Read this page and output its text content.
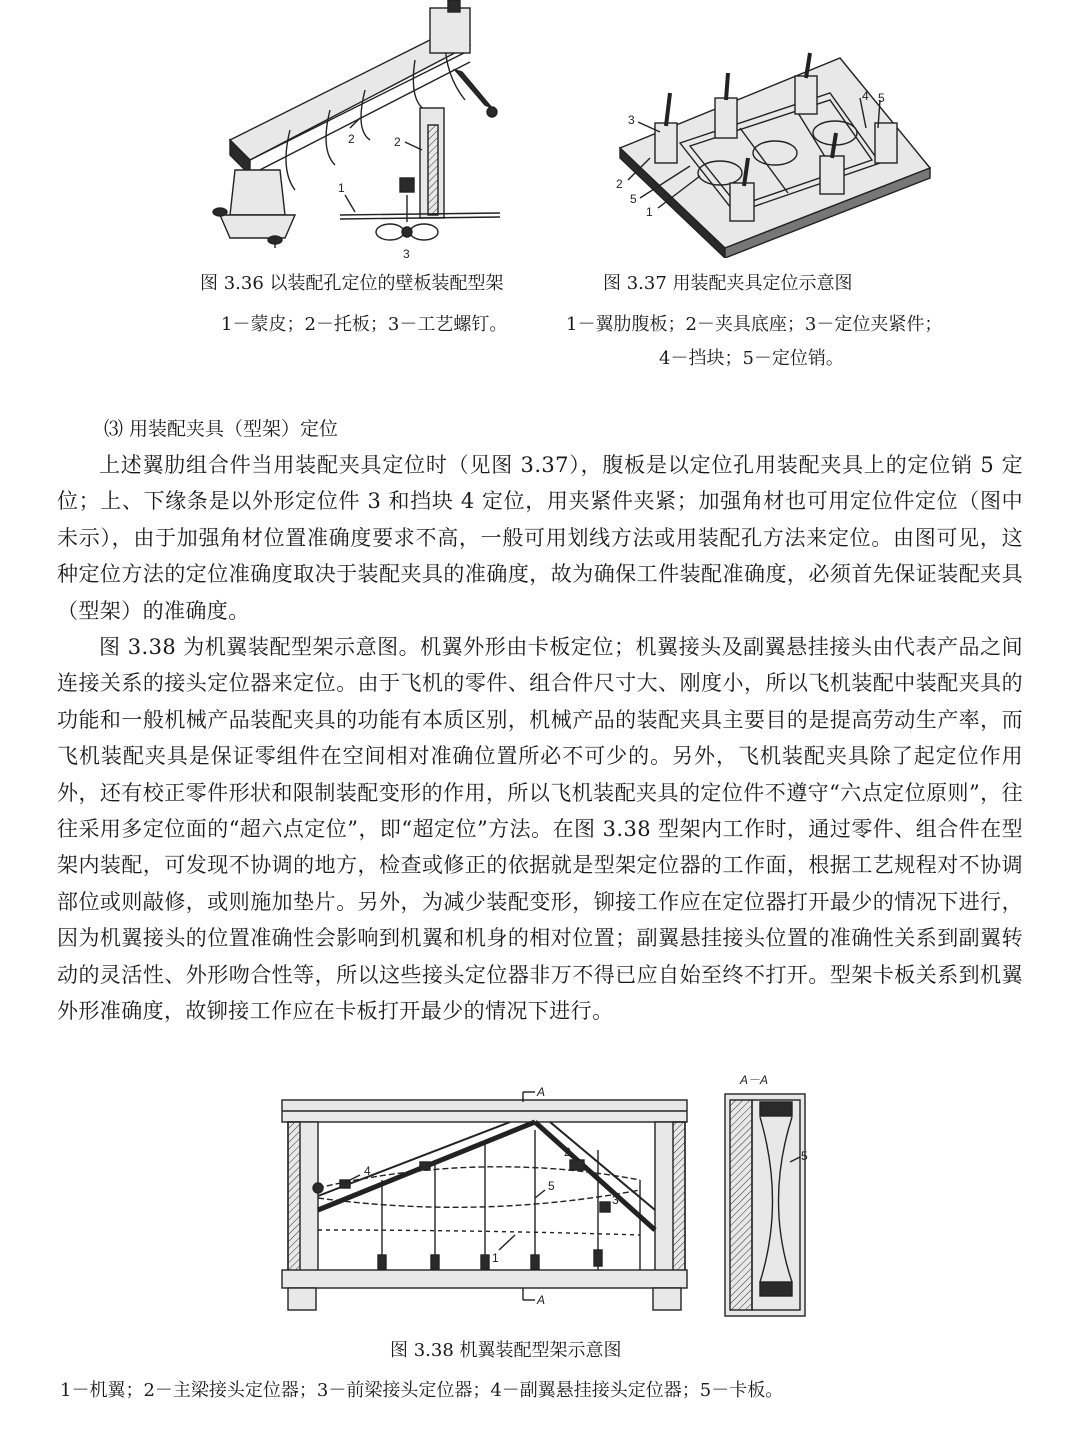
2	2
1
3
图 3.36 以装配孔定位的壁板装配型架
1－蒙皮；2－托板；3－工艺螺钉。
3
2
5
1
4 5
图 3.37 用装配夹具定位示意图
1－翼肋腹板；2－夹具底座；3－定位夹紧件；
4－挡块；5－定位销。
⑶ 用装配夹具（型架）定位

上述翼肋组合件当用装配夹具定位时（见图 3.37），腹板是以定位孔用装配夹具上的定位销 5 定位；上、下缘条是以外形定位件 3 和挡块 4 定位，用夹紧件夹紧；加强角材也可用定位件定位（图中未示），由于加强角材位置准确度要求不高，一般可用划线方法或用装配孔方法来定位。由图可见，这种定位方法的定位准确度取决于装配夹具的准确度，故为确保工件装配准确度，必须首先保证装配夹具（型架）的准确度。

图 3.38 为机翼装配型架示意图。机翼外形由卡板定位；机翼接头及副翼悬挂接头由代表产品之间连接关系的接头定位器来定位。由于飞机的零件、组合件尺寸大、刚度小，所以飞机装配中装配夹具的功能和一般机械产品装配夹具的功能有本质区别，机械产品的装配夹具主要目的是提高劳动生产率，而飞机装配夹具是保证零组件在空间相对准确位置所必不可少的。另外，飞机装配夹具除了起定位作用外，还有校正零件形状和限制装配变形的作用，所以飞机装配夹具的定位件不遵守“六点定位原则”，往往采用多定位面的“超六点定位”，即“超定位”方法。在图 3.38 型架内工作时，通过零件、组合件在型架内装配，可发现不协调的地方，检查或修正的依据就是型架定位器的工作面，根据工艺规程对不协调部位或则敲修，或则施加垫片。另外，为减少装配变形，铆接工作应在定位器打开最少的情况下进行，因为机翼接头的位置准确性会影响到机翼和机身的相对位置；副翼悬挂接头位置的准确性关系到副翼转动的灵活性、外形吻合性等，所以这些接头定位器非万不得已应自始至终不打开。型架卡板关系到机翼外形准确度，故铆接工作应在卡板打开最少的情况下进行。

A
A
1
2
3
4
5
A－A
5
图 3.38 机翼装配型架示意图
1－机翼；2－主梁接头定位器；3－前梁接头定位器；4－副翼悬挂接头定位器；5－卡板。
